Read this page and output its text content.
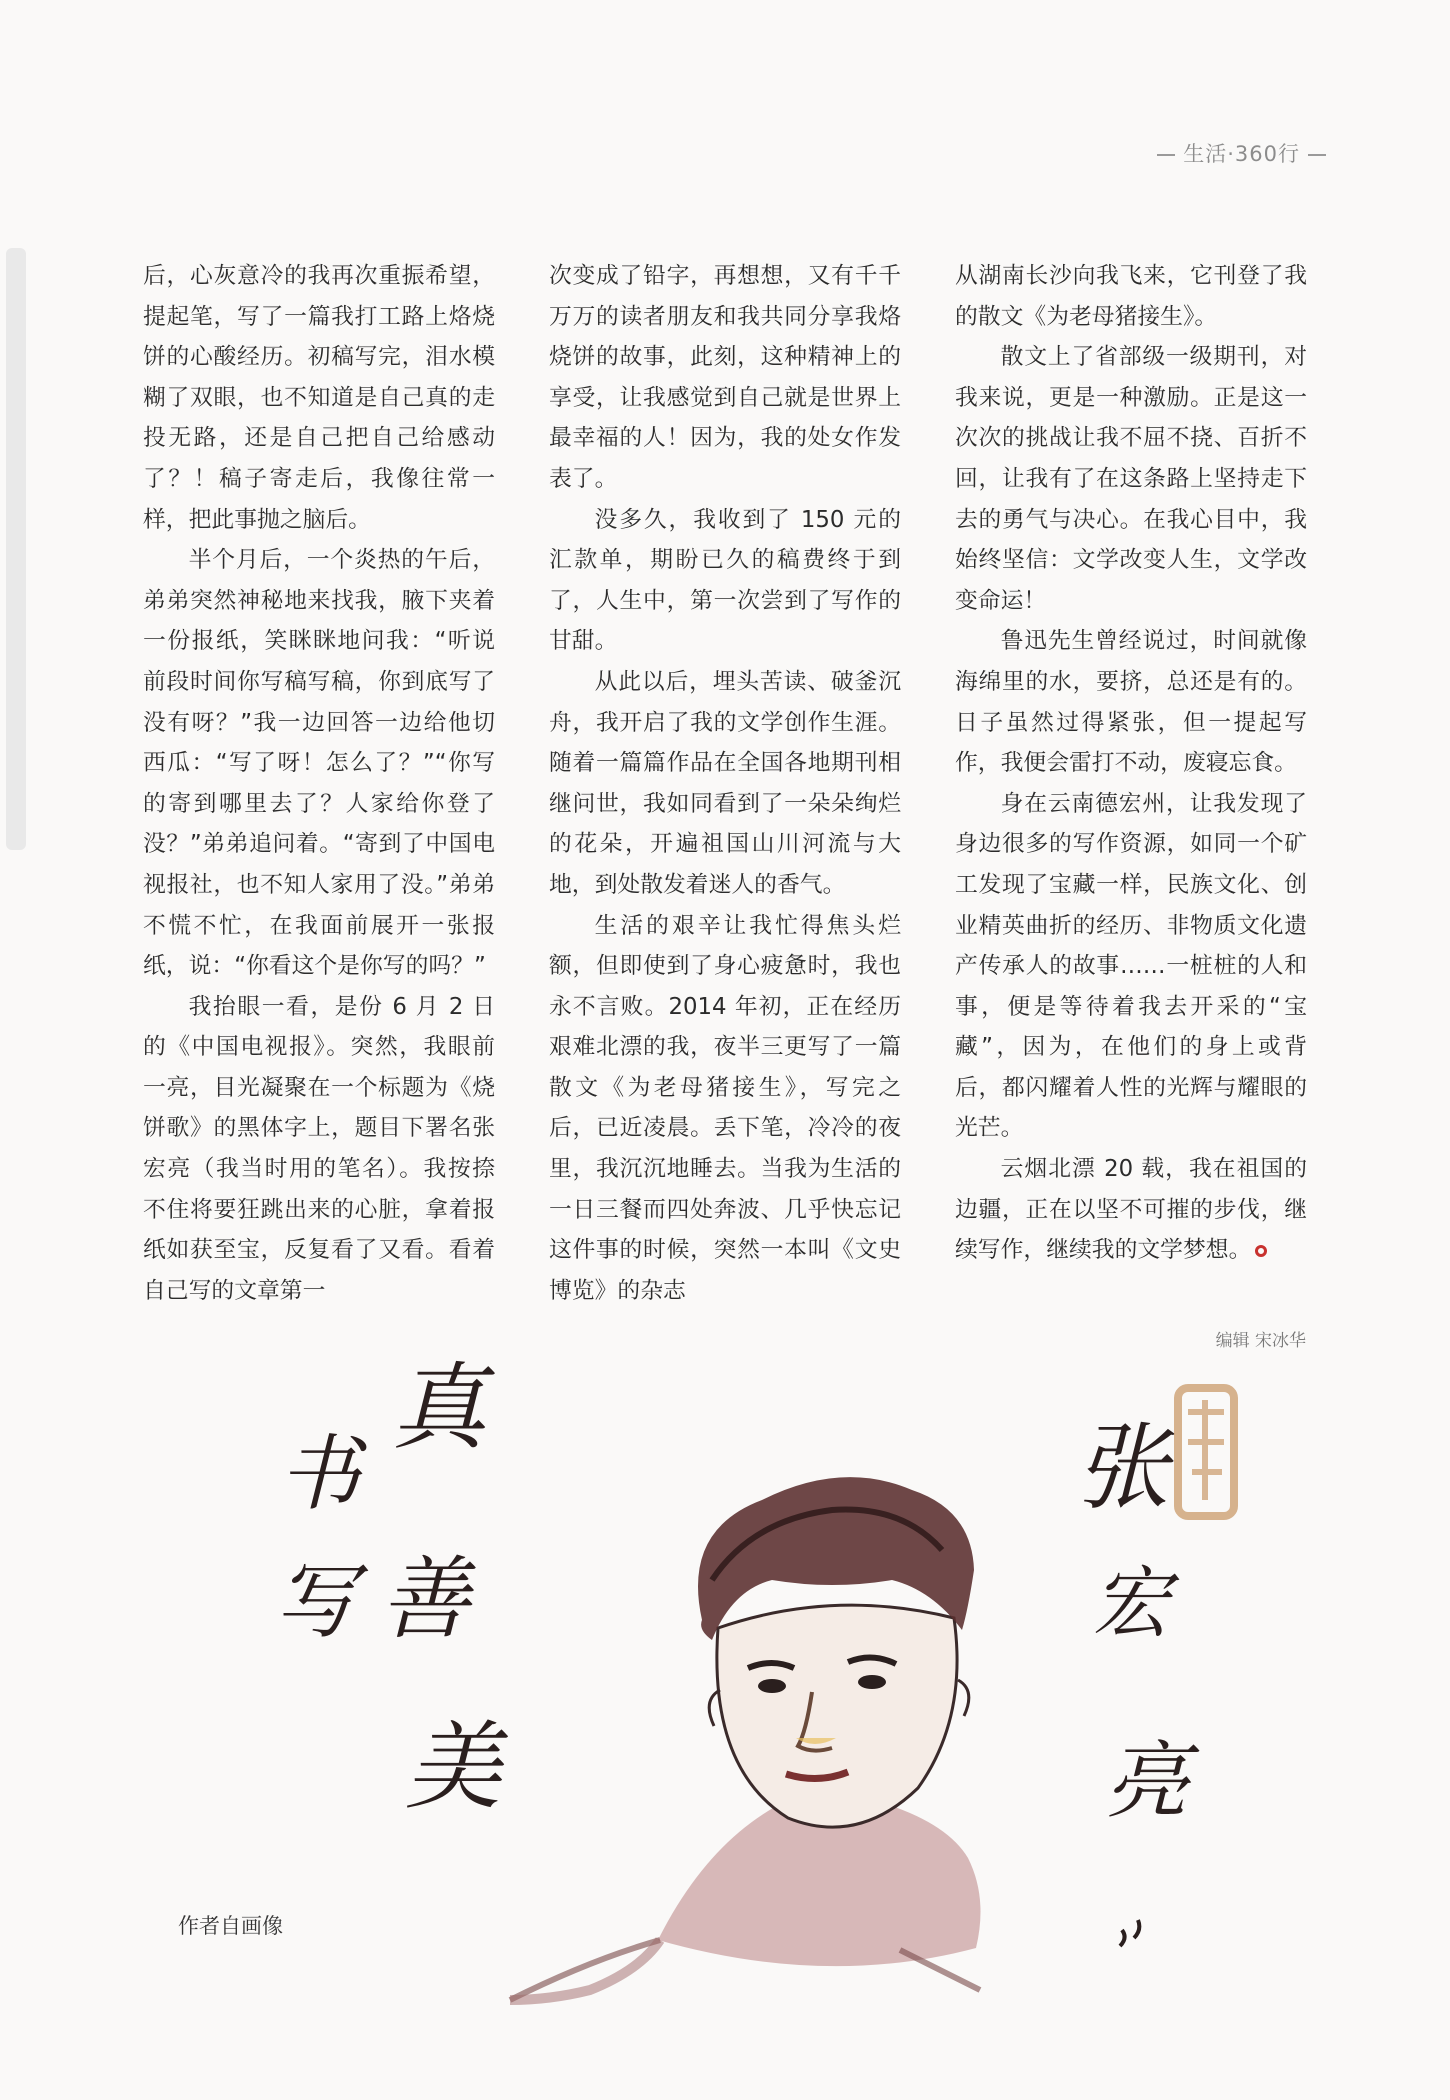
生活·360行

后，心灰意冷的我再次重振希望，提起笔，写了一篇我打工路上烙烧饼的心酸经历。初稿写完，泪水模糊了双眼，也不知道是自己真的走投无路，还是自己把自己给感动了？！稿子寄走后，我像往常一样，把此事抛之脑后。

半个月后，一个炎热的午后，弟弟突然神秘地来找我，腋下夹着一份报纸，笑眯眯地问我：“听说前段时间你写稿写稿，你到底写了没有呀？”我一边回答一边给他切西瓜：“写了呀！怎么了？”“你写的寄到哪里去了？人家给你登了没？”弟弟追问着。“寄到了中国电视报社，也不知人家用了没。”弟弟不慌不忙，在我面前展开一张报纸，说：“你看这个是你写的吗？”

我抬眼一看，是份 6 月 2 日的《中国电视报》。突然，我眼前一亮，目光凝聚在一个标题为《烧饼歌》的黑体字上，题目下署名张宏亮（我当时用的笔名）。我按捺不住将要狂跳出来的心脏，拿着报纸如获至宝，反复看了又看。看着自己写的文章第一

次变成了铅字，再想想，又有千千万万的读者朋友和我共同分享我烙烧饼的故事，此刻，这种精神上的享受，让我感觉到自己就是世界上最幸福的人！因为，我的处女作发表了。

没多久，我收到了 150 元的汇款单，期盼已久的稿费终于到了，人生中，第一次尝到了写作的甘甜。

从此以后，埋头苦读、破釜沉舟，我开启了我的文学创作生涯。随着一篇篇作品在全国各地期刊相继问世，我如同看到了一朵朵绚烂的花朵，开遍祖国山川河流与大地，到处散发着迷人的香气。

生活的艰辛让我忙得焦头烂额，但即使到了身心疲惫时，我也永不言败。2014 年初，正在经历艰难北漂的我，夜半三更写了一篇散文《为老母猪接生》，写完之后，已近凌晨。丢下笔，冷冷的夜里，我沉沉地睡去。当我为生活的一日三餐而四处奔波、几乎快忘记这件事的时候，突然一本叫《文史博览》的杂志

从湖南长沙向我飞来，它刊登了我的散文《为老母猪接生》。

散文上了省部级一级期刊，对我来说，更是一种激励。正是这一次次的挑战让我不屈不挠、百折不回，让我有了在这条路上坚持走下去的勇气与决心。在我心目中，我始终坚信：文学改变人生，文学改变命运！

鲁迅先生曾经说过，时间就像海绵里的水，要挤，总还是有的。日子虽然过得紧张，但一提起写作，我便会雷打不动，废寝忘食。

身在云南德宏州，让我发现了身边很多的写作资源，如同一个矿工发现了宝藏一样，民族文化、创业精英曲折的经历、非物质文化遗产传承人的故事……一桩桩的人和事，便是等待着我去开采的“宝藏”，因为，在他们的身上或背后，都闪耀着人性的光辉与耀眼的光芒。

云烟北漂 20 载，我在祖国的边疆，正在以坚不可摧的步伐，继续写作，继续我的文学梦想。

编辑 宋冰华
书
写
真
善
美
张
宏
亮
作者自画像
